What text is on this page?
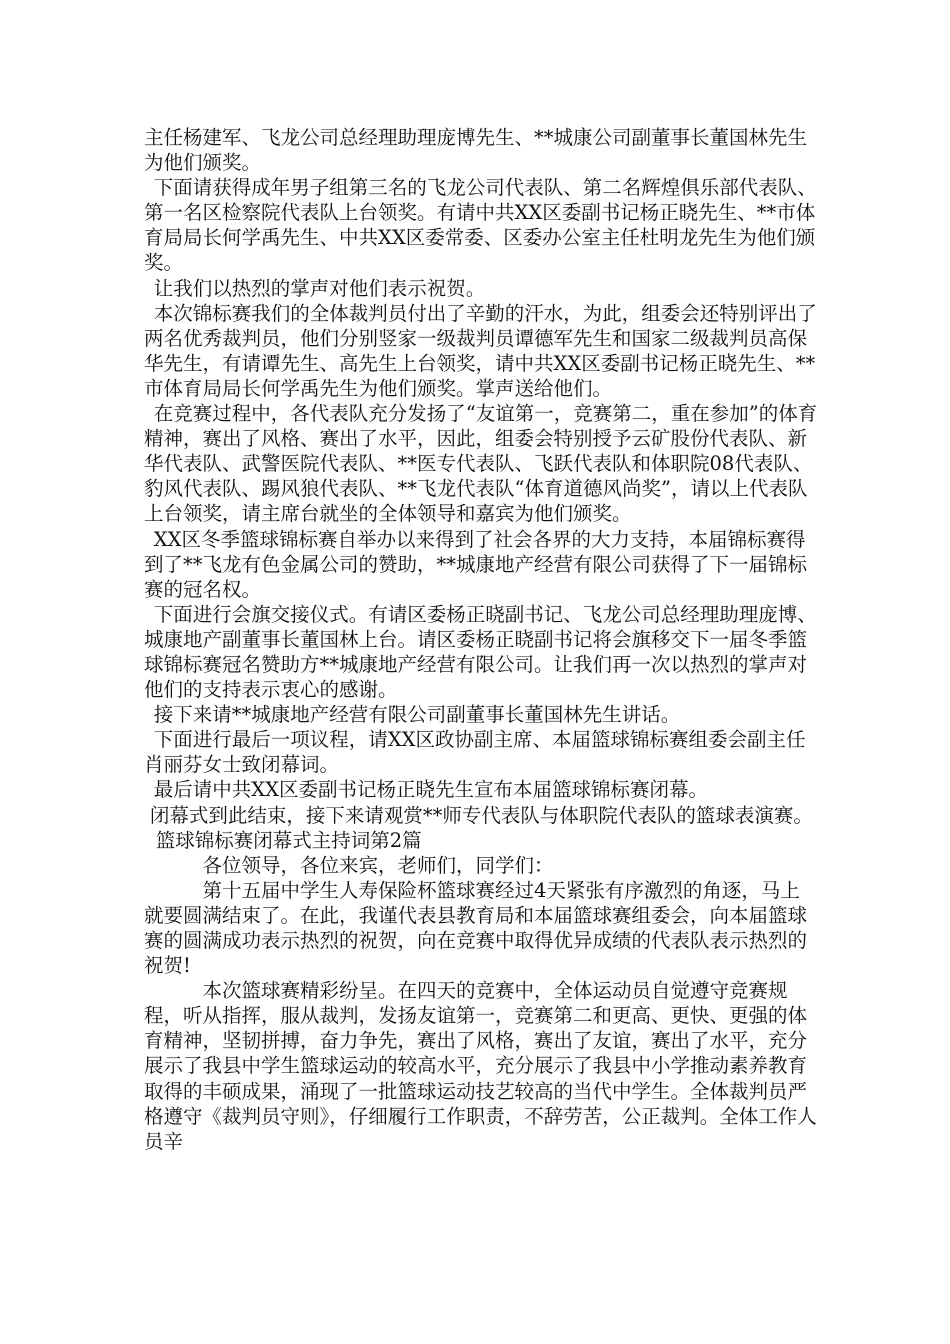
主任杨建军、飞龙公司总经理助理庞博先生、**城康公司副董事长董国林先生为他们颁奖。

下面请获得成年男子组第三名的飞龙公司代表队、第二名辉煌俱乐部代表队、第一名区检察院代表队上台领奖。有请中共XX区委副书记杨正晓先生、**市体育局局长何学禹先生、中共XX区委常委、区委办公室主任杜明龙先生为他们颁奖。

让我们以热烈的掌声对他们表示祝贺。

本次锦标赛我们的全体裁判员付出了辛勤的汗水，为此，组委会还特别评出了两名优秀裁判员，他们分别竖家一级裁判员谭德军先生和国家二级裁判员高保华先生，有请谭先生、高先生上台领奖，请中共XX区委副书记杨正晓先生、**市体育局局长何学禹先生为他们颁奖。掌声送给他们。

在竞赛过程中，各代表队充分发扬了“友谊第一，竞赛第二，重在参加”的体育精神，赛出了风格、赛出了水平，因此，组委会特别授予云矿股份代表队、新华代表队、武警医院代表队、**医专代表队、飞跃代表队和体职院08代表队、豹风代表队、踢风狼代表队、**飞龙代表队“体育道德风尚奖”，请以上代表队上台领奖，请主席台就坐的全体领导和嘉宾为他们颁奖。

XX区冬季篮球锦标赛自举办以来得到了社会各界的大力支持，本届锦标赛得到了**飞龙有色金属公司的赞助，**城康地产经营有限公司获得了下一届锦标赛的冠名权。

下面进行会旗交接仪式。有请区委杨正晓副书记、飞龙公司总经理助理庞博、城康地产副董事长董国林上台。请区委杨正晓副书记将会旗移交下一届冬季篮球锦标赛冠名赞助方**城康地产经营有限公司。让我们再一次以热烈的掌声对他们的支持表示衷心的感谢。

接下来请**城康地产经营有限公司副董事长董国林先生讲话。

下面进行最后一项议程，请XX区政协副主席、本届篮球锦标赛组委会副主任肖丽芬女士致闭幕词。

最后请中共XX区委副书记杨正晓先生宣布本届篮球锦标赛闭幕。

闭幕式到此结束，接下来请观赏**师专代表队与体职院代表队的篮球表演赛。

篮球锦标赛闭幕式主持词第2篇

各位领导，各位来宾，老师们，同学们：

第十五届中学生人寿保险杯篮球赛经过4天紧张有序激烈的角逐，马上就要圆满结束了。在此，我谨代表县教育局和本届篮球赛组委会，向本届篮球赛的圆满成功表示热烈的祝贺，向在竞赛中取得优异成绩的代表队表示热烈的祝贺!

本次篮球赛精彩纷呈。在四天的竞赛中，全体运动员自觉遵守竞赛规程，听从指挥，服从裁判，发扬友谊第一，竞赛第二和更高、更快、更强的体育精神，坚韧拼搏，奋力争先，赛出了风格，赛出了友谊，赛出了水平，充分展示了我县中学生篮球运动的较高水平，充分展示了我县中小学推动素养教育取得的丰硕成果，涌现了一批篮球运动技艺较高的当代中学生。全体裁判员严格遵守《裁判员守则》，仔细履行工作职责，不辞劳苦，公正裁判。全体工作人员辛
